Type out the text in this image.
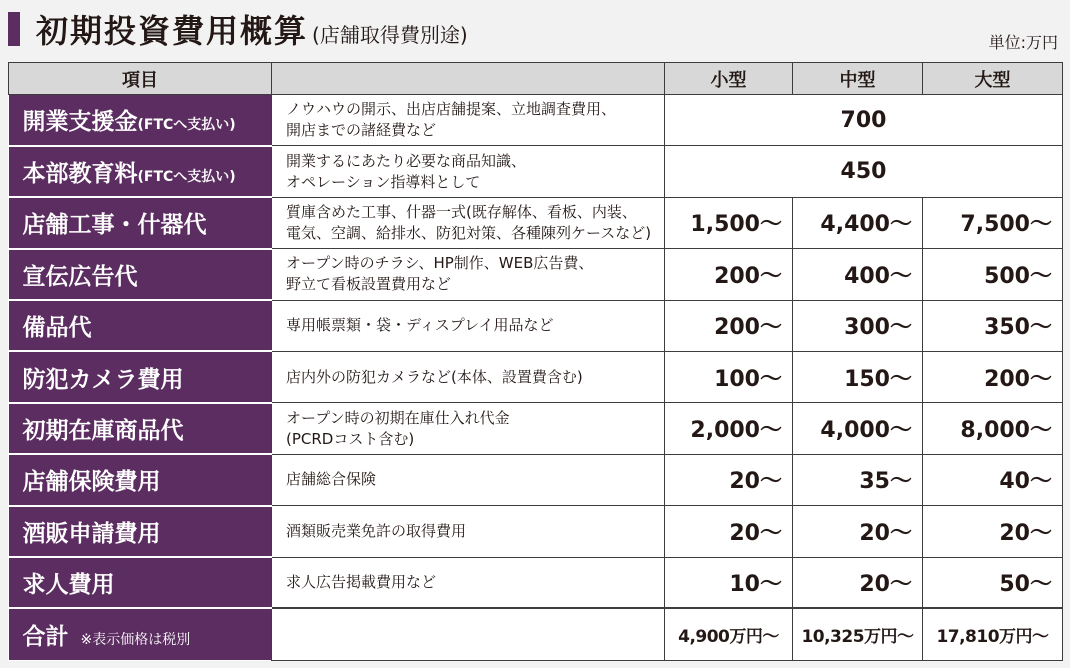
初期投資費用概算 (店舗取得費別途)	単位:万円
項目		小型	中型	大型
開業支援金(FTCへ支払い)	ノウハウの開示、出店店舗提案、立地調査費用、
開店までの諸経費など	700		
本部教育料(FTCへ支払い)	開業するにあたり必要な商品知識、
オペレーション指導料として	450		
店舗工事・什器代	質庫含めた工事、什器一式(既存解体、看板、内装、
電気、空調、給排水、防犯対策、各種陳列ケースなど)	1,500〜	4,400〜	7,500〜
宣伝広告代	オープン時のチラシ、HP制作、WEB広告費、
野立て看板設置費用など	200〜	400〜	500〜
備品代	専用帳票類・袋・ディスプレイ用品など	200〜	300〜	350〜
防犯カメラ費用	店内外の防犯カメラなど(本体、設置費含む)	100〜	150〜	200〜
初期在庫商品代	オープン時の初期在庫仕入れ代金
(PCRDコスト含む)	2,000〜	4,000〜	8,000〜
店舗保険費用	店舗総合保険	20〜	35〜	40〜
酒販申請費用	酒類販売業免許の取得費用	20〜	20〜	20〜
求人費用	求人広告掲載費用など	10〜	20〜	50〜
合計 ※表示価格は税別		4,900万円〜	10,325万円〜	17,810万円〜
